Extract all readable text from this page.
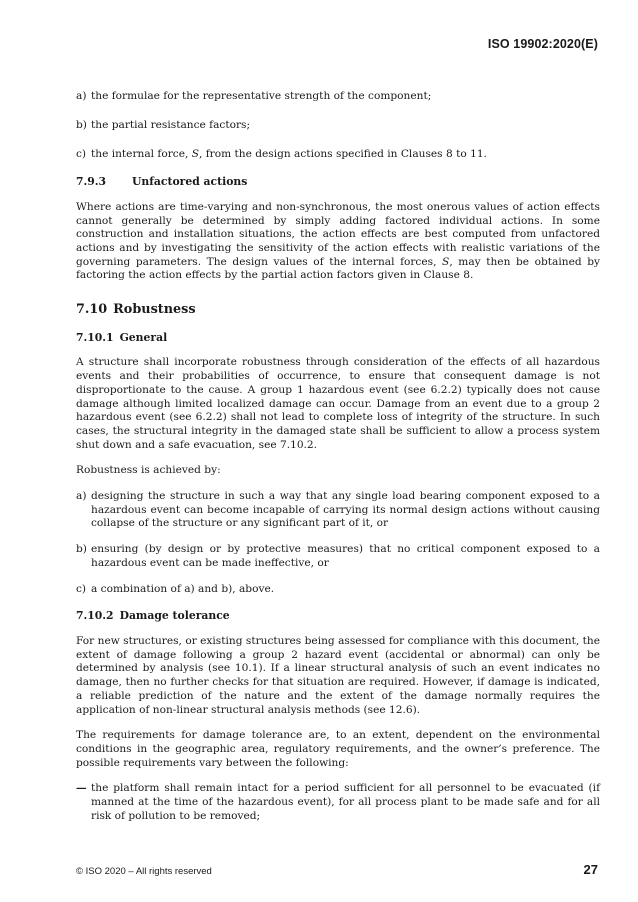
ISO 19902:2020(E)
a) the formulae for the representative strength of the component;
b) the partial resistance factors;
c) the internal force, S, from the design actions specified in Clauses 8 to 11.
7.9.3 Unfactored actions

Where actions are time-varying and non-synchronous, the most onerous values of action effects cannot generally be determined by simply adding factored individual actions. In some construction and installation situations, the action effects are best computed from unfactored actions and by investigating the sensitivity of the action effects with realistic variations of the governing parameters. The design values of the internal forces, S, may then be obtained by factoring the action effects by the partial action factors given in Clause 8.

7.10 Robustness
7.10.1 General

A structure shall incorporate robustness through consideration of the effects of all hazardous events and their probabilities of occurrence, to ensure that consequent damage is not disproportionate to the cause. A group 1 hazardous event (see 6.2.2) typically does not cause damage although limited localized damage can occur. Damage from an event due to a group 2 hazardous event (see 6.2.2) shall not lead to complete loss of integrity of the structure. In such cases, the structural integrity in the damaged state shall be sufficient to allow a process system shut down and a safe evacuation, see 7.10.2.

Robustness is achieved by:

a) designing the structure in such a way that any single load bearing component exposed to a hazardous event can become incapable of carrying its normal design actions without causing collapse of the structure or any significant part of it, or
b) ensuring (by design or by protective measures) that no critical component exposed to a hazardous event can be made ineffective, or
c) a combination of a) and b), above.
7.10.2 Damage tolerance

For new structures, or existing structures being assessed for compliance with this document, the extent of damage following a group 2 hazard event (accidental or abnormal) can only be determined by analysis (see 10.1). If a linear structural analysis of such an event indicates no damage, then no further checks for that situation are required. However, if damage is indicated, a reliable prediction of the nature and the extent of the damage normally requires the application of non-linear structural analysis methods (see 12.6).

The requirements for damage tolerance are, to an extent, dependent on the environmental conditions in the geographic area, regulatory requirements, and the owner’s preference. The possible requirements vary between the following:

— the platform shall remain intact for a period sufficient for all personnel to be evacuated (if manned at the time of the hazardous event), for all process plant to be made safe and for all risk of pollution to be removed;
© ISO 2020 – All rights reserved	27
